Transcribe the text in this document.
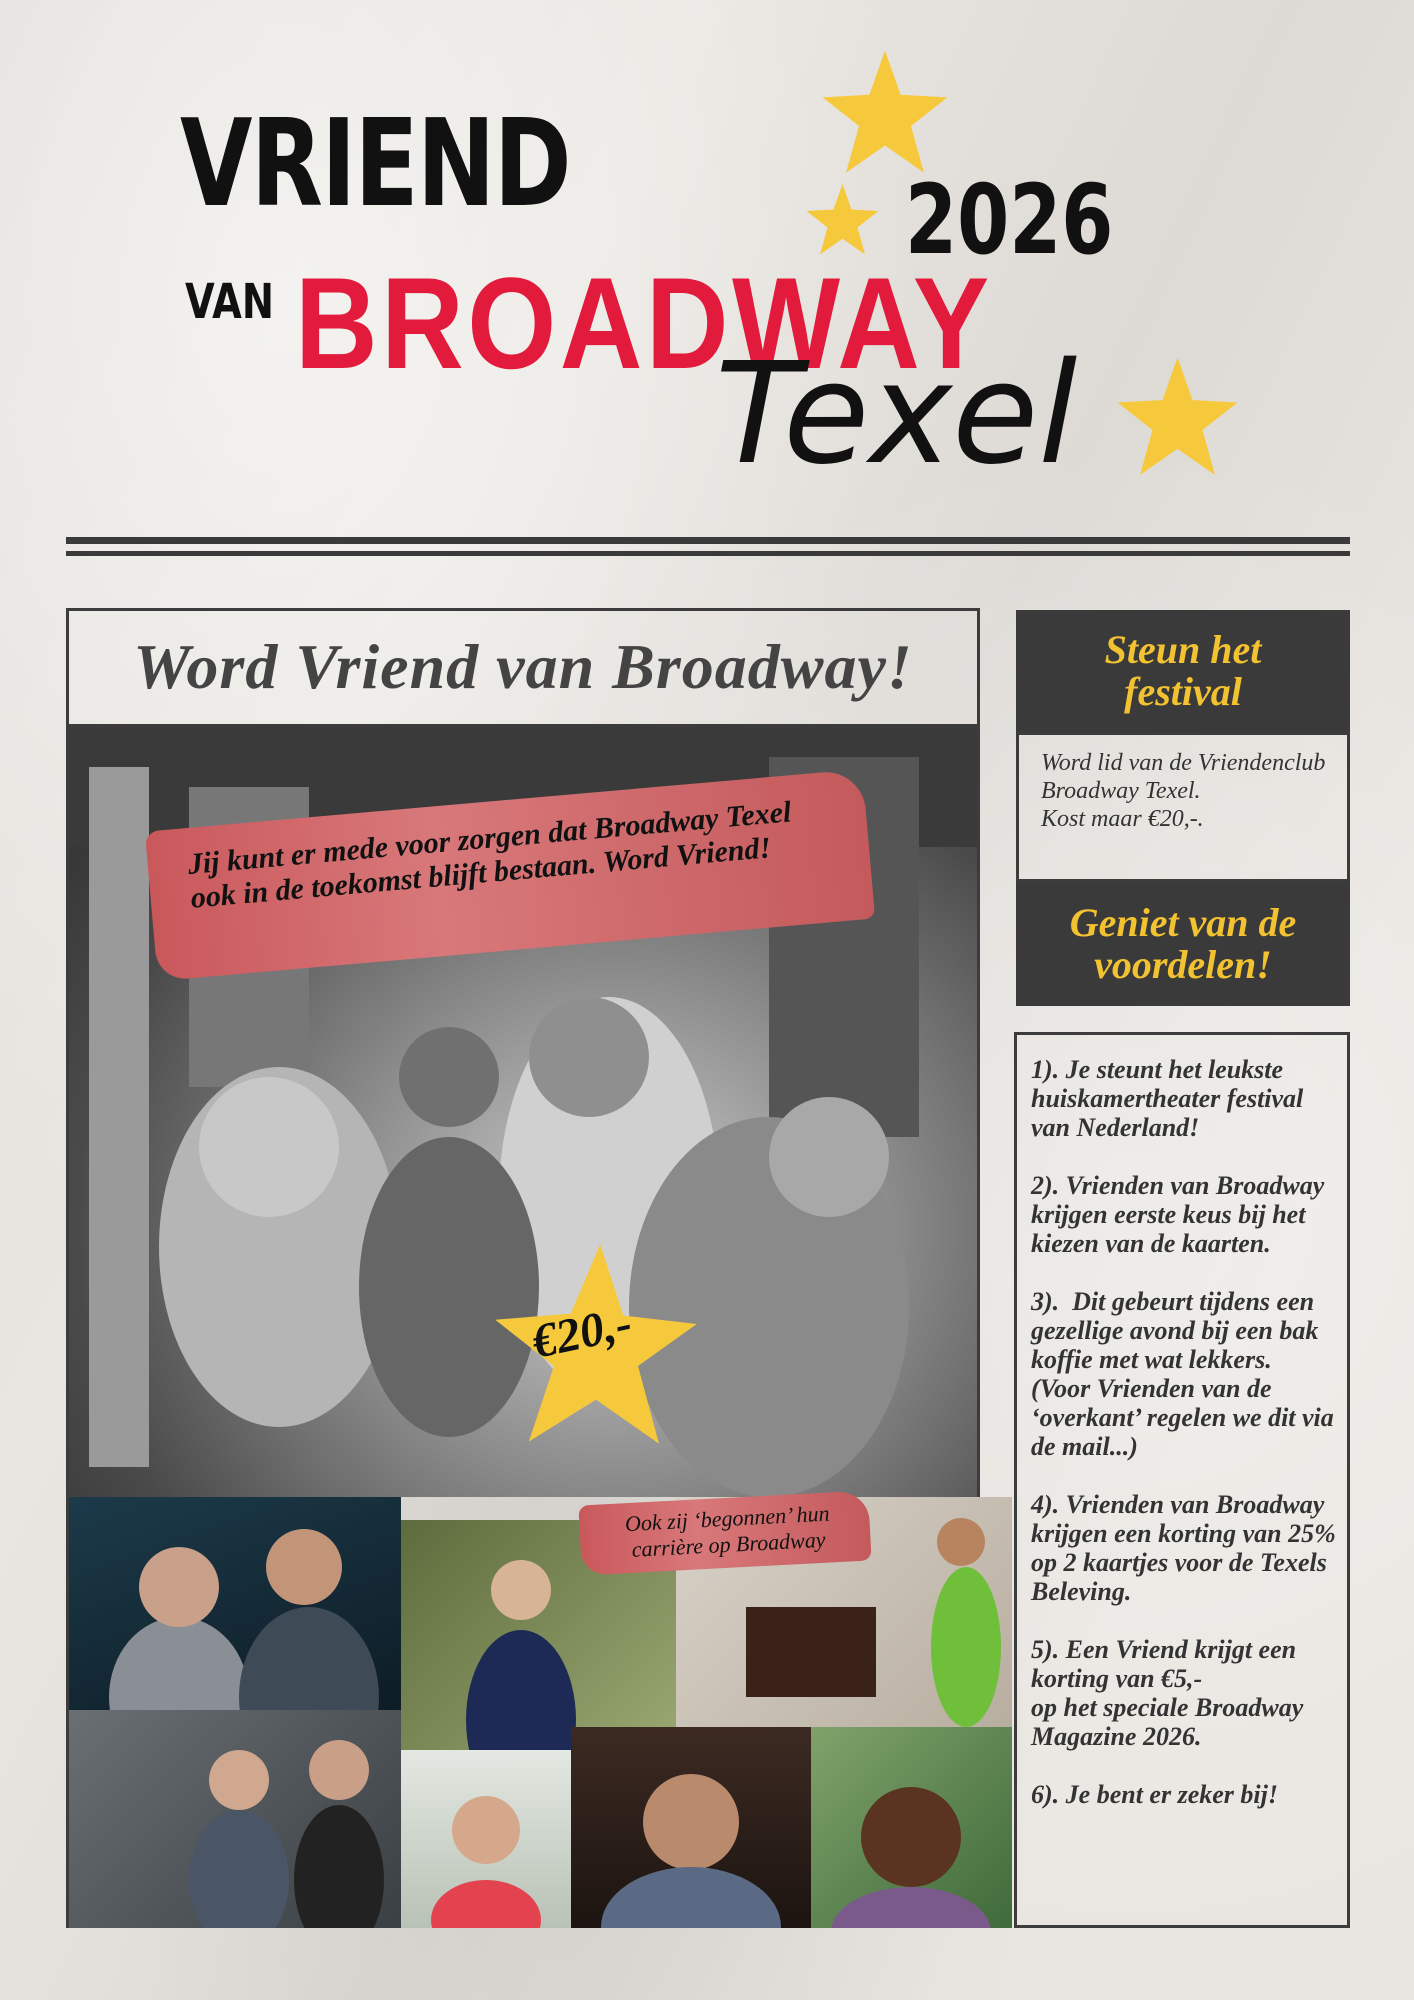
VRIEND
VAN BROADWAY
2026
Texel
Word Vriend van Broadway!
Jij kunt er mede voor zorgen dat Broadway Texel ook in de toekomst blijft bestaan. Word Vriend!
€20,-
Ook zij ‘begonnen’ hun carrière op Broadway
Steun het festival
Word lid van de Vriendenclub Broadway Texel.
Kost maar €20,-.
Geniet van de voordelen!
1). Je steunt het leukste huiskamertheater festival van Nederland!

2). Vrienden van Broadway krijgen eerste keus bij het kiezen van de kaarten.

3).  Dit gebeurt tijdens een gezellige avond bij een bak koffie met wat lekkers.
(Voor Vrienden van de ‘overkant’ regelen we dit via de mail...)

4). Vrienden van Broadway krijgen een korting van 25% op 2 kaartjes voor de Texels Beleving.

5). Een Vriend krijgt een korting van €5,-
op het speciale Broadway Magazine 2026.

6). Je bent er zeker bij!
